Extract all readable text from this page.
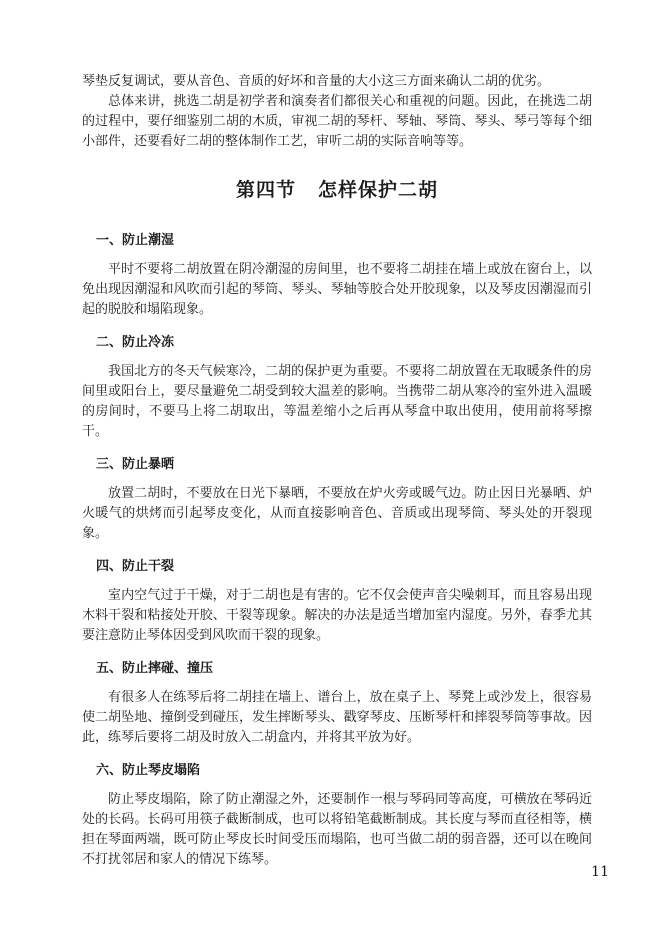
琴垫反复调试，要从音色、音质的好坏和音量的大小这三方面来确认二胡的优劣。

总体来讲，挑选二胡是初学者和演奏者们都很关心和重视的问题。因此，在挑选二胡的过程中，要仔细鉴别二胡的木质，审视二胡的琴杆、琴轴、琴筒、琴头、琴弓等每个细小部件，还要看好二胡的整体制作工艺，审听二胡的实际音响等等。

第四节 怎样保护二胡
一、防止潮湿

平时不要将二胡放置在阴冷潮湿的房间里，也不要将二胡挂在墙上或放在窗台上，以免出现因潮湿和风吹而引起的琴筒、琴头、琴轴等胶合处开胶现象，以及琴皮因潮湿而引起的脱胶和塌陷现象。

二、防止冷冻

我国北方的冬天气候寒冷，二胡的保护更为重要。不要将二胡放置在无取暖条件的房间里或阳台上，要尽量避免二胡受到较大温差的影响。当携带二胡从寒冷的室外进入温暖的房间时，不要马上将二胡取出，等温差缩小之后再从琴盒中取出使用，使用前将琴擦干。

三、防止暴晒

放置二胡时，不要放在日光下暴晒，不要放在炉火旁或暖气边。防止因日光暴晒、炉火暖气的烘烤而引起琴皮变化，从而直接影响音色、音质或出现琴筒、琴头处的开裂现象。

四、防止干裂

室内空气过于干燥，对于二胡也是有害的。它不仅会使声音尖噪刺耳，而且容易出现木料干裂和粘接处开胶、干裂等现象。解决的办法是适当增加室内湿度。另外，春季尤其要注意防止琴体因受到风吹而干裂的现象。

五、防止摔碰、撞压

有很多人在练琴后将二胡挂在墙上、谱台上，放在桌子上、琴凳上或沙发上，很容易使二胡坠地、撞倒受到碰压，发生摔断琴头、戳穿琴皮、压断琴杆和摔裂琴筒等事故。因此，练琴后要将二胡及时放入二胡盒内，并将其平放为好。

六、防止琴皮塌陷

防止琴皮塌陷，除了防止潮湿之外，还要制作一根与琴码同等高度，可横放在琴码近处的长码。长码可用筷子截断制成，也可以将铅笔截断制成。其长度与琴而直径相等，横担在琴面两端，既可防止琴皮长时间受压而塌陷，也可当做二胡的弱音器，还可以在晚间不打扰邻居和家人的情况下练琴。

11
